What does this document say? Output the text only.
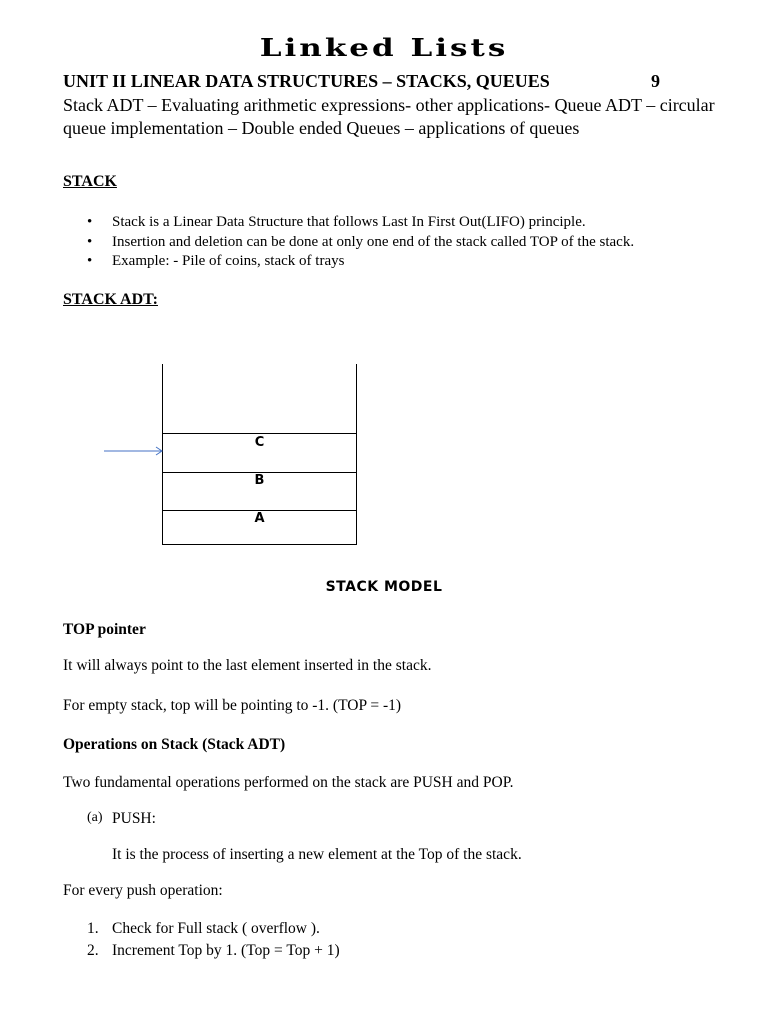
Linked Lists
UNIT II LINEAR DATA STRUCTURES – STACKS, QUEUES	9
Stack ADT – Evaluating arithmetic expressions- other applications- Queue ADT – circular queue implementation – Double ended Queues – applications of queues
STACK
• Stack is a Linear Data Structure that follows Last In First Out(LIFO) principle.
• Insertion and deletion can be done at only one end of the stack called TOP of the stack.
• Example: - Pile of coins, stack of trays
STACK ADT:
C
B
A
STACK MODEL
TOP pointer
It will always point to the last element inserted in the stack.
For empty stack, top will be pointing to -1. (TOP = -1)
Operations on Stack (Stack ADT)
Two fundamental operations performed on the stack are PUSH and POP.
(a) PUSH:
It is the process of inserting a new element at the Top of the stack.
For every push operation:
1. Check for Full stack ( overflow ).
2. Increment Top by 1. (Top = Top + 1)
